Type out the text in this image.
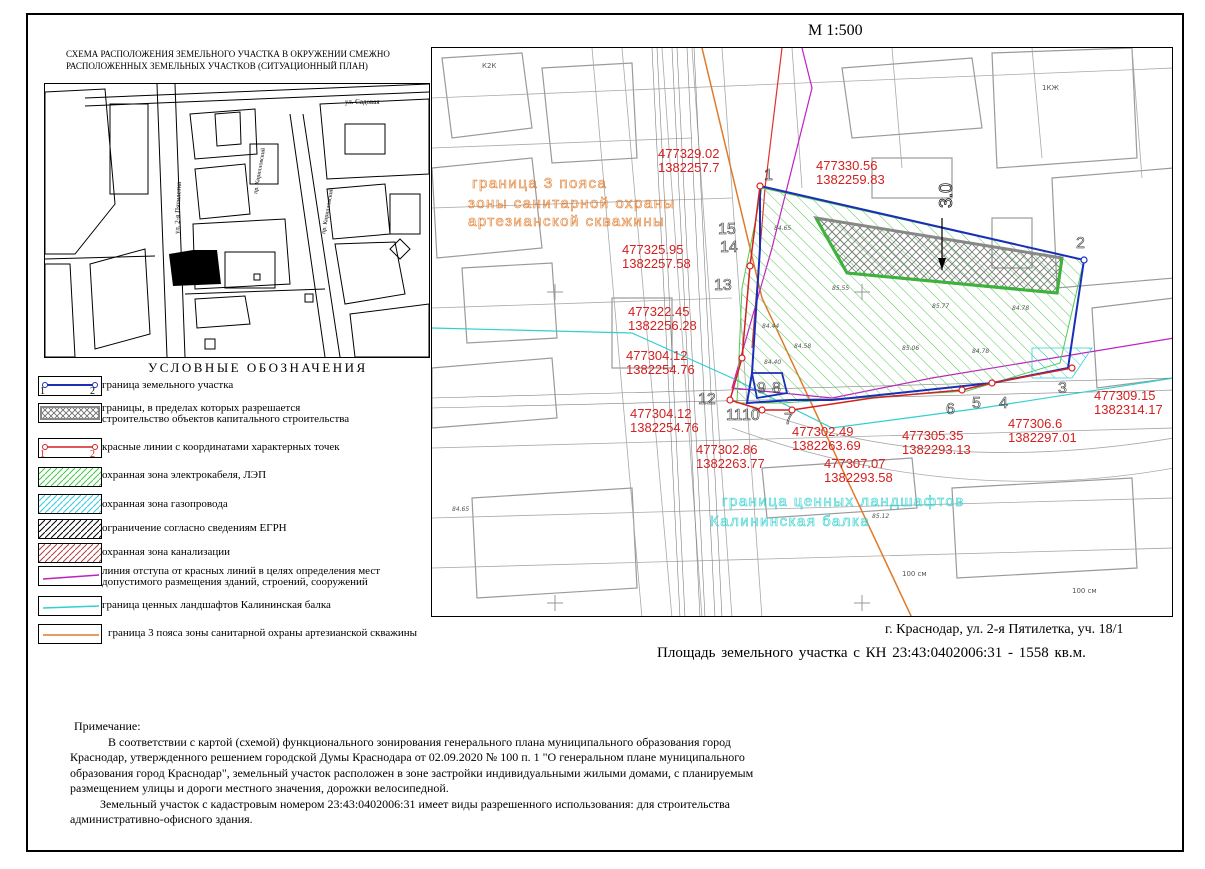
М 1:500
СХЕМА РАСПОЛОЖЕНИЯ ЗЕМЕЛЬНОГО УЧАСТКА В ОКРУЖЕНИИ СМЕЖНО
РАСПОЛОЖЕННЫХ ЗЕМЕЛЬНЫХ УЧАСТКОВ (СИТУАЦИОННЫЙ ПЛАН)
ул. Садовая
ул. 2-я Пятилетка
пр. Кирилловский
пр. Кирилловский
УСЛОВНЫЕ ОБОЗНАЧЕНИЯ
1	2
граница земельного участка
границы, в пределах которых разрешается
строительство объектов капитального строительства
1	2
красные линии с координатами характерных точек
охранная зона электрокабеля, ЛЭП
охранная зона газопровода
ограничение согласно сведениям ЕГРН
охранная зона канализации
линия отступа от красных линий в целях определения мест
допустимого размещения зданий, строений, сооружений
граница ценных ландшафтов Калининская балка
граница 3 пояса зоны санитарной охраны артезианской скважины
граница 3 пояса
зоны санитарной охраны
артезианской скважины
граница ценных ландшафтов
Калининская балка
3.0
1
2
3
4
5
6
7
8
9
10
11
12
13
14
15
477329.02
1382257.7	477330.56
1382259.83
477325.95
1382257.58
477322.45
1382256.28
477304.12
1382254.76
477304.12
1382254.76
477302.86
1382263.77
477302.49
1382263.69
477307.07
1382293.58
477305.35
1382293.13
477306.6
1382297.01
477309.15
1382314.17
84.65
84.44
84.58
85.55
85.77	84.78
84.78
85.06
84.40
84.65
85.12
К2К
1КЖ
100 см
100 см
г. Краснодар, ул. 2-я Пятилетка, уч. 18/1
Площадь земельного участка с КН 23:43:0402006:31 - 1558 кв.м.

Примечание:

В соответствии с картой (схемой) функционального зонирования генерального плана муниципального образования город

Краснодар, утвержденного решением городской Думы Краснодара от 02.09.2020 № 100 п. 1 "О генеральном плане муниципального

образования город Краснодар", земельный участок расположен в зоне застройки индивидуальными жилыми домами, с планируемым

размещением улицы и дороги местного значения, дорожки велосипедной.

Земельный участок с кадастровым номером 23:43:0402006:31 имеет виды разрешенного использования: для строительства

административно-офисного здания.
